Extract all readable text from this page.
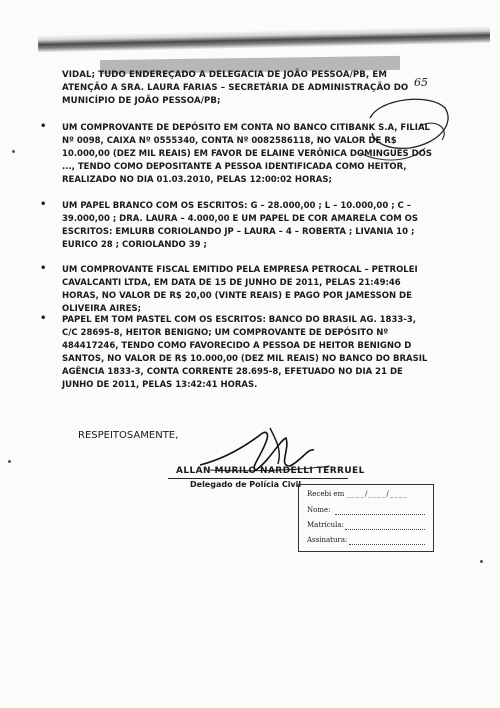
VIDAL; TUDO ENDEREÇADO A DELEGACIA DE JOÃO PESSOA/PB, EM ATENÇÃO A SRA. LAURA FARIAS – SECRETÁRIA DE ADMINISTRAÇÃO DO MUNICÍPIO DE JOÃO PESSOA/PB;
65
• UM COMPROVANTE DE DEPÓSITO EM CONTA NO BANCO CITIBANK S.A, FILIAL Nº 0098, CAIXA Nº 0555340, CONTA Nº 0082586118, NO VALOR DE R$ 10.000,00 (DEZ MIL REAIS) EM FAVOR DE ELAINE VERÔNICA DOMINGUES DOS ..., TENDO COMO DEPOSITANTE A PESSOA IDENTIFICADA COMO HEITOR, REALIZADO NO DIA 01.03.2010, PELAS 12:00:02 HORAS;
• UM PAPEL BRANCO COM OS ESCRITOS: G – 28.000,00 ; L – 10.000,00 ; C – 39.000,00 ; DRA. LAURA – 4.000,00 E UM PAPEL DE COR AMARELA COM OS ESCRITOS: EMLURB CORIOLANDO JP – LAURA – 4 – ROBERTA ; LIVANIA 10 ; EURICO 28 ; CORIOLANDO 39 ;
• UM COMPROVANTE FISCAL EMITIDO PELA EMPRESA PETROCAL – PETROLEI CAVALCANTI LTDA, EM DATA DE 15 DE JUNHO DE 2011, PELAS 21:49:46 HORAS, NO VALOR DE R$ 20,00 (VINTE REAIS) E PAGO POR JAMESSON DE OLIVEIRA AIRES;
• PAPEL EM TOM PASTEL COM OS ESCRITOS: BANCO DO BRASIL AG. 1833-3, C/C 28695-8, HEITOR BENIGNO; UM COMPROVANTE DE DEPÓSITO Nº 484417246, TENDO COMO FAVORECIDO A PESSOA DE HEITOR BENIGNO D SANTOS, NO VALOR DE R$ 10.000,00 (DEZ MIL REAIS) NO BANCO DO BRASIL AGÊNCIA 1833-3, CONTA CORRENTE 28.695-8, EFETUADO NO DIA 21 DE JUNHO DE 2011, PELAS 13:42:41 HORAS.
RESPEITOSAMENTE,
ALLAN MURILO NARDELLI TERRUEL
Delegado de Polícia Civil
Recebi em ____/____/____
Nome:
Matrícula:
Assinatura:
